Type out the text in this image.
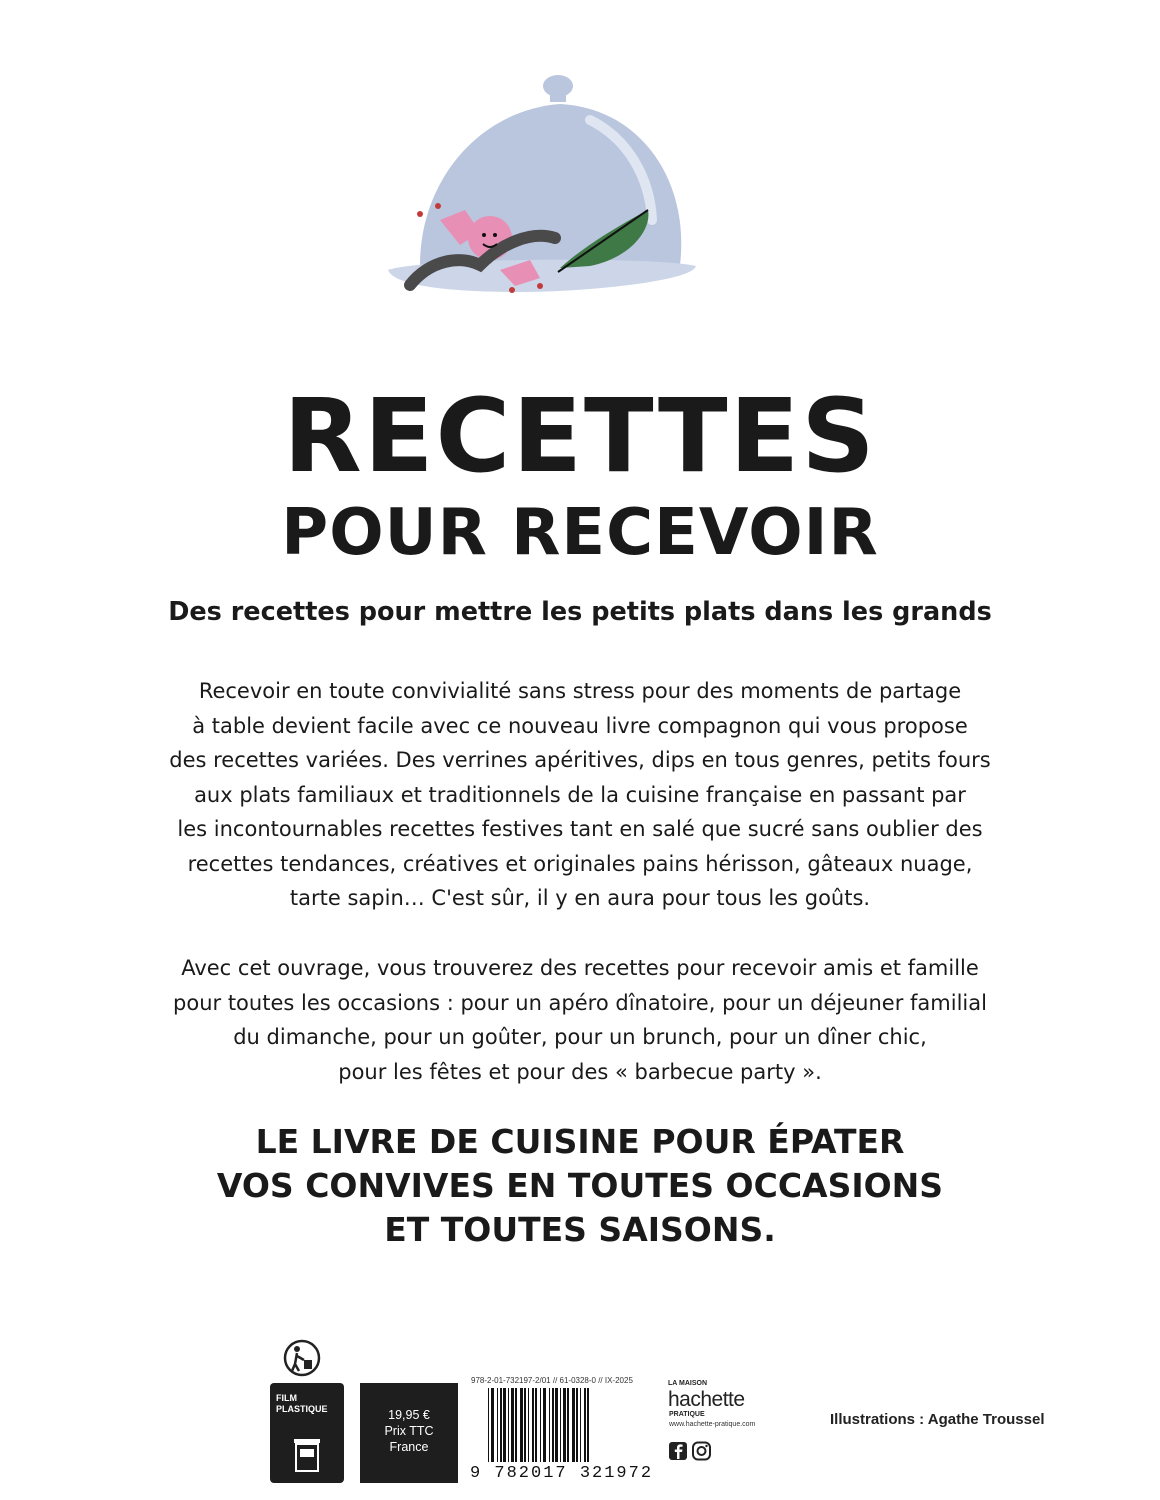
RECETTES
POUR RECEVOIR
Des recettes pour mettre les petits plats dans les grands
Recevoir en toute convivialité sans stress pour des moments de partage
à table devient facile avec ce nouveau livre compagnon qui vous propose
des recettes variées. Des verrines apéritives, dips en tous genres, petits fours
aux plats familiaux et traditionnels de la cuisine française en passant par
les incontournables recettes festives tant en salé que sucré sans oublier des
recettes tendances, créatives et originales pains hérisson, gâteaux nuage,
tarte sapin… C'est sûr, il y en aura pour tous les goûts.
Avec cet ouvrage, vous trouverez des recettes pour recevoir amis et famille
pour toutes les occasions : pour un apéro dînatoire, pour un déjeuner familial
du dimanche, pour un goûter, pour un brunch, pour un dîner chic,
pour les fêtes et pour des « barbecue party ».
LE LIVRE DE CUISINE POUR ÉPATER
VOS CONVIVES EN TOUTES OCCASIONS
ET TOUTES SAISONS.
FILM
PLASTIQUE	19,95 €
Prix TTC
France
978-2-01-732197-2/01 // 61-0328-0 // IX-2025
9 782017 321972
LA MAISON
hachette
PRATIQUE
www.hachette-pratique.com	Illustrations : Agathe Troussel
